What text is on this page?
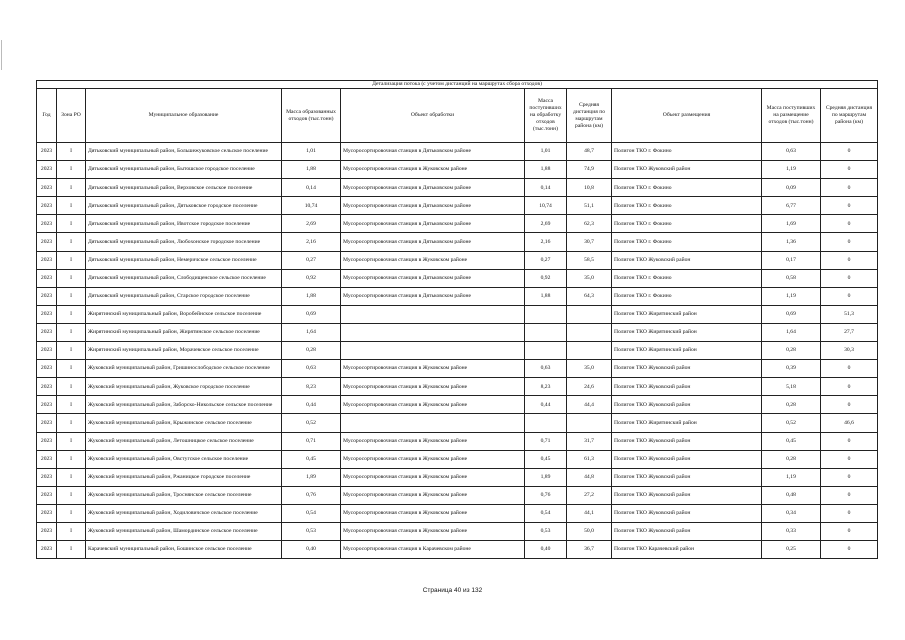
Детализация потока (с учетом дистанций на маршрутах сбора отходов)									
Год	Зона РО	Муниципальное образование	Масса образованных отходов (тыс.тонн)	Объект обработки	Масса поступивших на обработку отходов (тыс.тонн)	Средняя дистанция по маршрутам района (км)	Объект размещения	Масса поступивших на размещение отходов (тыс.тонн)	Средняя дистанция по маршрутам района (км)
2023	I	Дятьковский муниципальный район, Большежуковское сельское поселение	1,01	Мусоросортировочная станция в Дятьковском районе	1,01	48,7	Полигон ТКО г. Фокино	0,63	0
2023	I	Дятьковский муниципальный район, Бытошское городское поселение	1,88	Мусоросортировочная станция в Жуковском районе	1,88	74,9	Полигон ТКО Жуковский район	1,19	0
2023	I	Дятьковский муниципальный район, Верховское сельское поселение	0,14	Мусоросортировочная станция в Дятьковском районе	0,14	10,8	Полигон ТКО г. Фокино	0,09	0
2023	I	Дятьковский муниципальный район, Дятьковское городское поселение	10,74	Мусоросортировочная станция в Дятьковском районе	10,74	51,1	Полигон ТКО г. Фокино	6,77	0
2023	I	Дятьковский муниципальный район, Ивотское городское поселение	2,69	Мусоросортировочная станция в Дятьковском районе	2,69	62,3	Полигон ТКО г. Фокино	1,69	0
2023	I	Дятьковский муниципальный район, Любохонское городское поселение	2,16	Мусоросортировочная станция в Дятьковском районе	2,16	30,7	Полигон ТКО г. Фокино	1,36	0
2023	I	Дятьковский муниципальный район, Немеричское сельское поселение	0,27	Мусоросортировочная станция в Жуковском районе	0,27	58,5	Полигон ТКО Жуковский район	0,17	0
2023	I	Дятьковский муниципальный район, Слободищенское сельское поселение	0,92	Мусоросортировочная станция в Дятьковском районе	0,92	35,0	Полигон ТКО г. Фокино	0,58	0
2023	I	Дятьковский муниципальный район, Старское городское поселение	1,88	Мусоросортировочная станция в Дятьковском районе	1,88	64,3	Полигон ТКО г. Фокино	1,19	0
2023	I	Жирятинский муниципальный район, Воробейнское сельское поселение	0,69				Полигон ТКО Жирятинский район	0,69	51,3
2023	I	Жирятинский муниципальный район, Жирятинское сельское поселение	1,64				Полигон ТКО Жирятинский район	1,64	27,7
2023	I	Жирятинский муниципальный район, Морачевское сельское поселение	0,28				Полигон ТКО Жирятинский район	0,28	30,3
2023	I	Жуковский муниципальный район, Гришинослободское сельское поселение	0,63	Мусоросортировочная станция в Жуковском районе	0,63	35,0	Полигон ТКО Жуковский район	0,39	0
2023	I	Жуковский муниципальный район, Жуковское городское поселение	8,23	Мусоросортировочная станция в Жуковском районе	8,23	24,6	Полигон ТКО Жуковский район	5,18	0
2023	I	Жуковский муниципальный район, Заборско-Никольское сельское поселение	0,44	Мусоросортировочная станция в Жуковском районе	0,44	44,4	Полигон ТКО Жуковский район	0,28	0
2023	I	Жуковский муниципальный район, Крыжинское сельское поселение	0,52				Полигон ТКО Жирятинский район	0,52	46,6
2023	I	Жуковский муниципальный район, Летошницкое сельское поселение	0,71	Мусоросортировочная станция в Жуковском районе	0,71	31,7	Полигон ТКО Жуковский район	0,45	0
2023	I	Жуковский муниципальный район, Овстугское сельское поселение	0,45	Мусоросортировочная станция в Жуковском районе	0,45	61,3	Полигон ТКО Жуковский район	0,28	0
2023	I	Жуковский муниципальный район, Ржаницкое городское поселение	1,89	Мусоросортировочная станция в Жуковском районе	1,89	44,8	Полигон ТКО Жуковский район	1,19	0
2023	I	Жуковский муниципальный район, Троснянское сельское поселение	0,76	Мусоросортировочная станция в Жуковском районе	0,76	27,2	Полигон ТКО Жуковский район	0,48	0
2023	I	Жуковский муниципальный район, Ходиловичское сельское поселение	0,54	Мусоросортировочная станция в Жуковском районе	0,54	44,1	Полигон ТКО Жуковский район	0,34	0
2023	I	Жуковский муниципальный район, Шамординское сельское поселение	0,53	Мусоросортировочная станция в Жуковском районе	0,53	50,0	Полигон ТКО Жуковский район	0,33	0
2023	I	Карачевский муниципальный район, Бошинское сельское поселение	0,40	Мусоросортировочная станция в Карачевском районе	0,40	36,7	Полигон ТКО Карачевский район	0,25	0
Страница 40 из 132
